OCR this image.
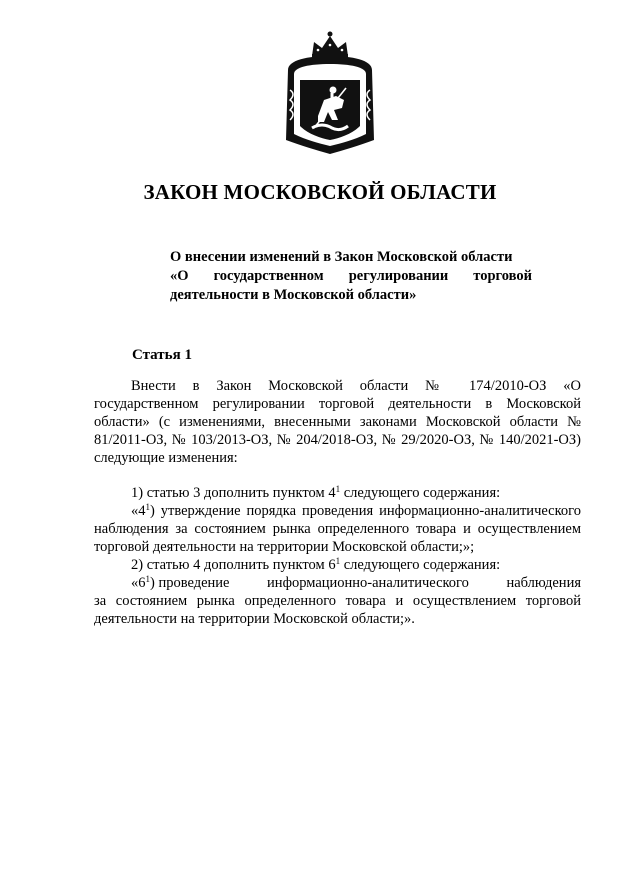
ЗАКОН МОСКОВСКОЙ ОБЛАСТИ
О внесении изменений в Закон Московской области
«О государственном регулировании торговой
деятельности в Московской области»
Статья 1
Внести в Закон Московской области № 174/2010-ОЗ «О государственном регулировании торговой деятельности в Московской области» (с изменениями, внесенными законами Московской области № 81/2011-ОЗ, № 103/2013-ОЗ, № 204/2018-ОЗ, № 29/2020-ОЗ, № 140/2021-ОЗ) следующие изменения:
1) статью 3 дополнить пунктом $4^1$ следующего содержания:
«$4^1$) утверждение порядка проведения информационно-аналитического наблюдения за состоянием рынка определенного товара и осуществлением торговой деятельности на территории Московской области;»;
2) статью 4 дополнить пунктом $6^1$ следующего содержания:
«$6^1$) проведение	информационно-аналитического	наблюдения
за состоянием рынка определенного товара и осуществлением торговой деятельности на территории Московской области;».
